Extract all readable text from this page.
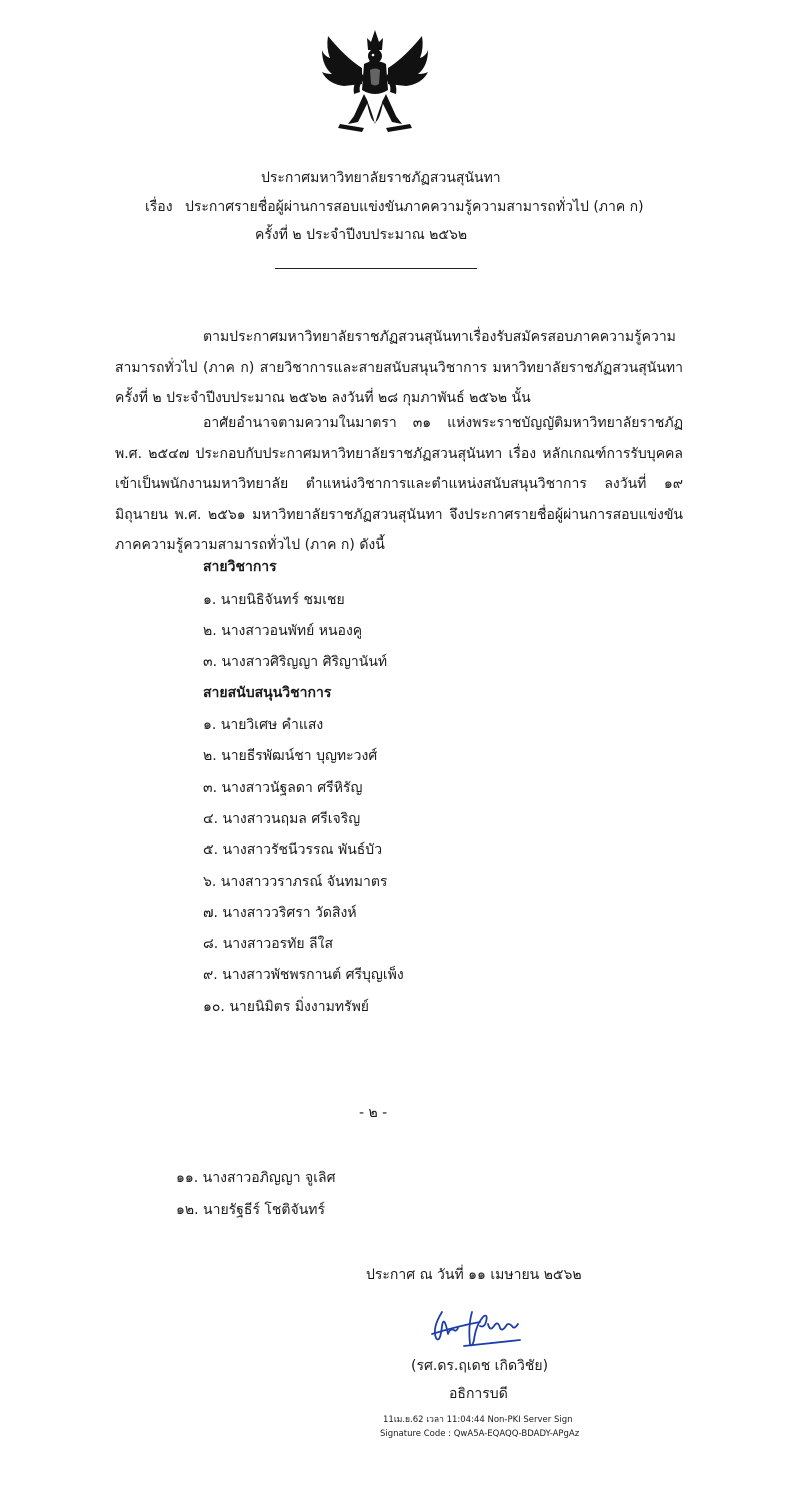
ประกาศมหาวิทยาลัยราชภัฏสวนสุนันทา
เรื่อง ประกาศรายชื่อผู้ผ่านการสอบแข่งขันภาคความรู้ความสามารถทั่วไป (ภาค ก)
ครั้งที่ ๒ ประจำปีงบประมาณ ๒๕๖๒
ตามประกาศมหาวิทยาลัยราชภัฏสวนสุนันทาเรื่องรับสมัครสอบภาคความรู้ความสามารถทั่วไป (ภาค ก) สายวิชาการและสายสนับสนุนวิชาการ มหาวิทยาลัยราชภัฏสวนสุนันทา ครั้งที่ ๒ ประจำปีงบประมาณ ๒๕๖๒ ลงวันที่ ๒๘ กุมภาพันธ์ ๒๕๖๒ นั้น
อาศัยอำนาจตามความในมาตรา ๓๑ แห่งพระราชบัญญัติมหาวิทยาลัยราชภัฏ พ.ศ. ๒๕๔๗ ประกอบกับประกาศมหาวิทยาลัยราชภัฏสวนสุนันทา เรื่อง หลักเกณฑ์การรับบุคคลเข้าเป็นพนักงานมหาวิทยาลัย ตำแหน่งวิชาการและตำแหน่งสนับสนุนวิชาการ ลงวันที่ ๑๙ มิถุนายน พ.ศ. ๒๕๖๑ มหาวิทยาลัยราชภัฏสวนสุนันทา จึงประกาศรายชื่อผู้ผ่านการสอบแข่งขันภาคความรู้ความสามารถทั่วไป (ภาค ก) ดังนี้
สายวิชาการ
๑. นายนิธิจันทร์ ชมเชย
๒. นางสาวอนพัทย์ หนองคู
๓. นางสาวศิริญญา ศิริญานันท์
สายสนับสนุนวิชาการ
๑. นายวิเศษ คำแสง
๒. นายธีรพัฒน์ชา บุญทะวงศ์
๓. นางสาวนัฐลดา ศรีหิรัญ
๔. นางสาวนฤมล ศรีเจริญ
๕. นางสาวรัชนีวรรณ พันธ์บัว
๖. นางสาววราภรณ์ จันทมาตร
๗. นางสาววริศรา วัดสิงห์
๘. นางสาวอรทัย ลีใส
๙. นางสาวพัชพรกานต์ ศรีบุญเพ็ง
๑๐. นายนิมิตร มิ่งงามทรัพย์
- ๒ -
๑๑. นางสาวอภิญญา จูเลิศ
๑๒. นายรัฐธีร์ โชติจันทร์
ประกาศ ณ วันที่ ๑๑ เมษายน ๒๕๖๒
(รศ.ดร.ฤเดช เกิดวิชัย)
อธิการบดี
11เม.ย.62 เวลา 11:04:44 Non-PKI Server Sign
Signature Code : QwA5A-EQAQQ-BDADY-APgAz
